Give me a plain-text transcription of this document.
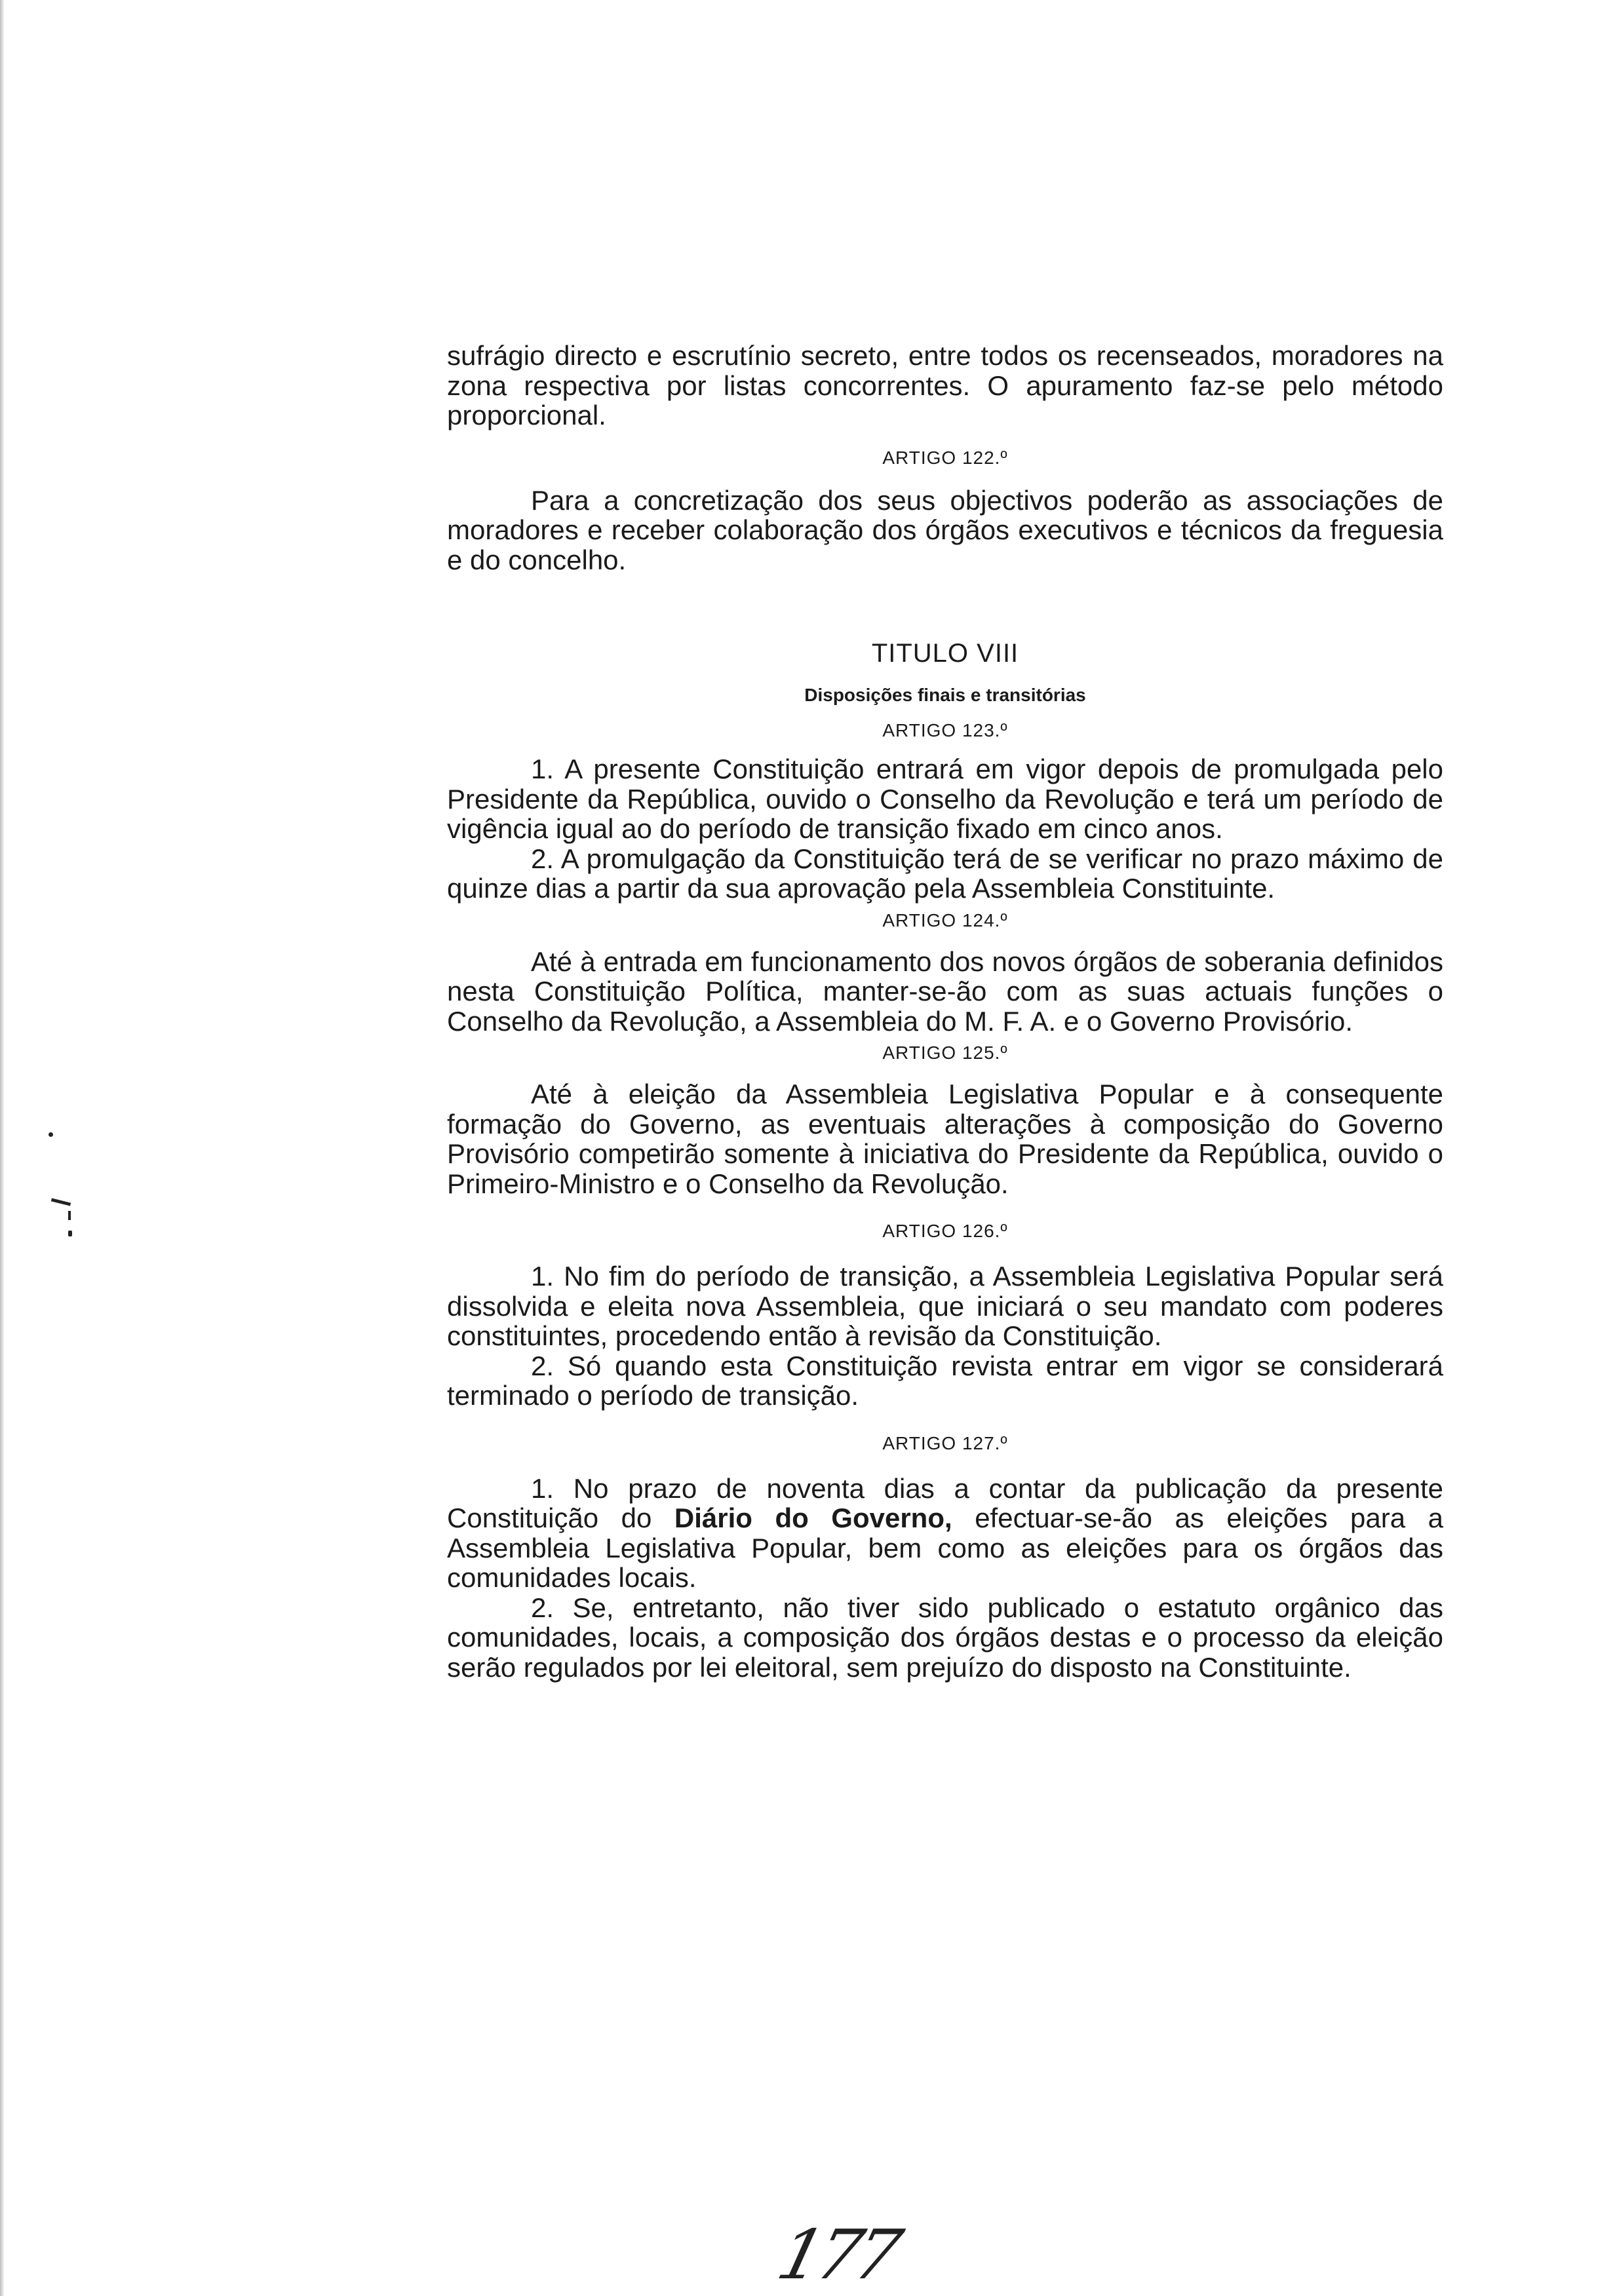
sufrágio directo e escrutínio secreto, entre todos os recenseados, moradores na zona respectiva por listas concorrentes. O apuramento faz-se pelo método proporcional.

ARTIGO 122.º

Para a concretização dos seus objectivos poderão as associações de moradores e receber colaboração dos órgãos executivos e técnicos da freguesia e do concelho.

TITULO VIII

Disposições finais e transitórias

ARTIGO 123.º

1. A presente Constituição entrará em vigor depois de promulgada pelo Presidente da República, ouvido o Conselho da Revolução e terá um período de vigência igual ao do período de transição fixado em cinco anos.

2. A promulgação da Constituição terá de se verificar no prazo máximo de quinze dias a partir da sua aprovação pela Assembleia Constituinte.

ARTIGO 124.º

Até à entrada em funcionamento dos novos órgãos de soberania definidos nesta Constituição Política, manter-se-ão com as suas actuais funções o Conselho da Revolução, a Assembleia do M. F. A. e o Governo Provisório.

ARTIGO 125.º

Até à eleição da Assembleia Legislativa Popular e à consequente formação do Governo, as eventuais alterações à composição do Governo Provisório competirão somente à iniciativa do Presidente da República, ouvido o Primeiro-Ministro e o Conselho da Revolução.

ARTIGO 126.º

1. No fim do período de transição, a Assembleia Legislativa Popular será dissolvida e eleita nova Assembleia, que iniciará o seu mandato com poderes constituintes, procedendo então à revisão da Constituição.

2. Só quando esta Constituição revista entrar em vigor se considerará terminado o período de transição.

ARTIGO 127.º

1. No prazo de noventa dias a contar da publicação da presente Constituição do Diário do Governo, efectuar-se-ão as eleições para a Assembleia Legislativa Popular, bem como as eleições para os órgãos das comunidades locais.

2. Se, entretanto, não tiver sido publicado o estatuto orgânico das comunidades, locais, a composição dos órgãos destas e o processo da eleição serão regulados por lei eleitoral, sem prejuízo do disposto na Constituinte.

177
